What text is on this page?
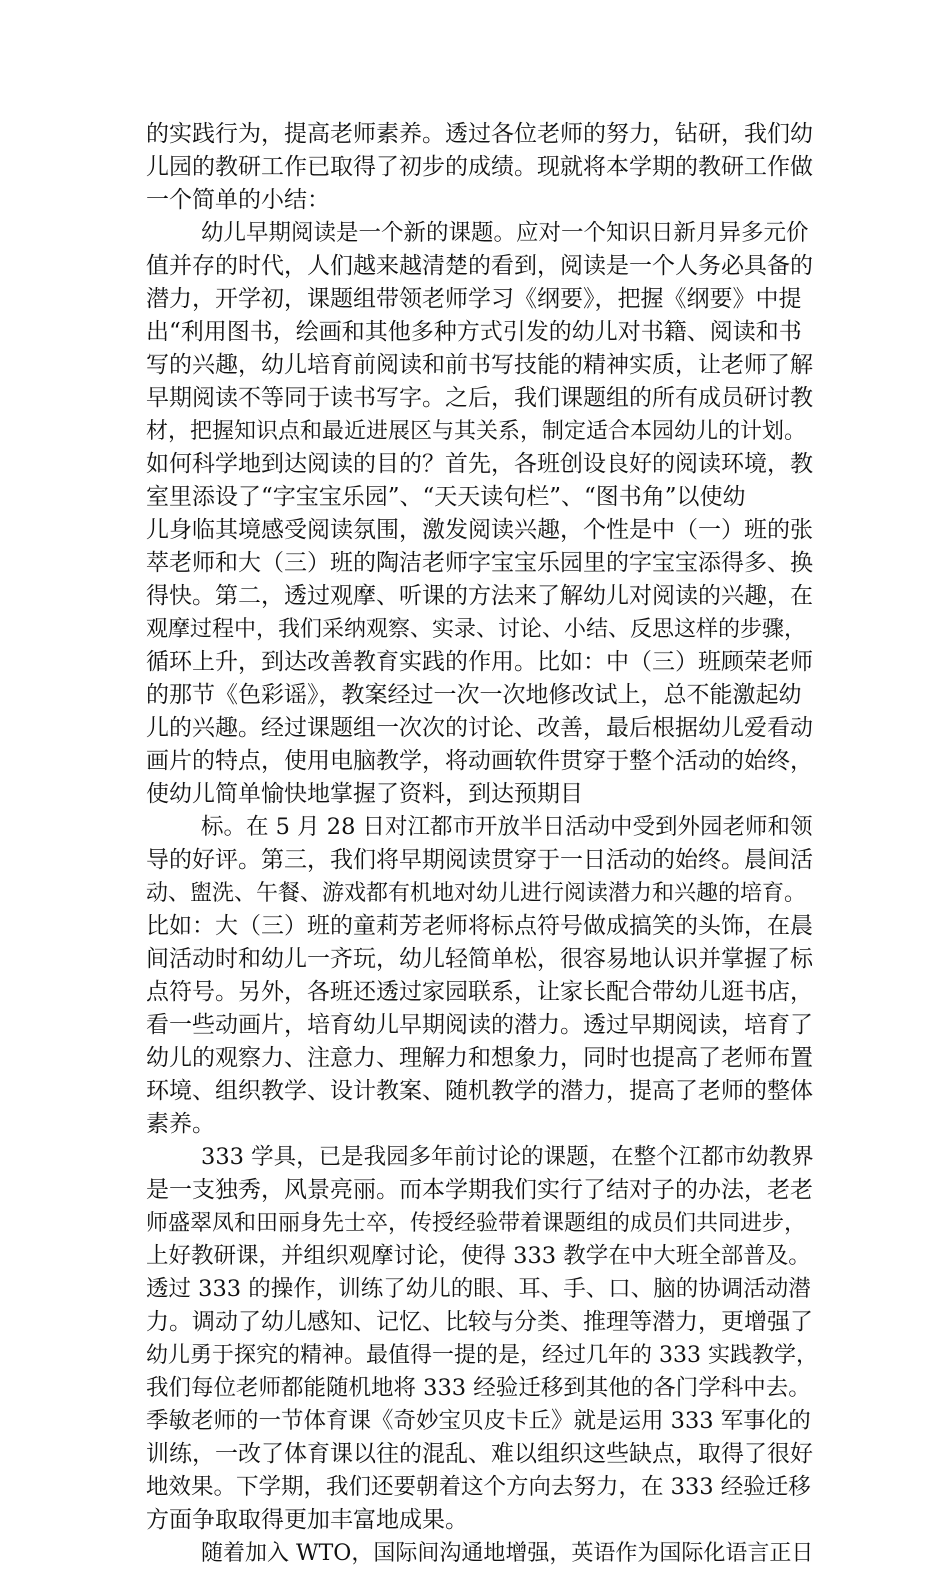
的实践行为，提高老师素养。透过各位老师的努力，钻研，我们幼
儿园的教研工作已取得了初步的成绩。现就将本学期的教研工作做
一个简单的小结：
幼儿早期阅读是一个新的课题。应对一个知识日新月异多元价
值并存的时代，人们越来越清楚的看到，阅读是一个人务必具备的
潜力，开学初，课题组带领老师学习《纲要》，把握《纲要》中提
出“利用图书，绘画和其他多种方式引发的幼儿对书籍、阅读和书
写的兴趣，幼儿培育前阅读和前书写技能的精神实质，让老师了解
早期阅读不等同于读书写字。之后，我们课题组的所有成员研讨教
材，把握知识点和最近进展区与其关系，制定适合本园幼儿的计划。
如何科学地到达阅读的目的？首先，各班创设良好的阅读环境，教
室里添设了“字宝宝乐园”、“天天读句栏”、“图书角”以使幼
儿身临其境感受阅读氛围，激发阅读兴趣，个性是中（一）班的张
萃老师和大（三）班的陶洁老师字宝宝乐园里的字宝宝添得多、换
得快。第二，透过观摩、听课的方法来了解幼儿对阅读的兴趣，在
观摩过程中，我们采纳观察、实录、讨论、小结、反思这样的步骤，
循环上升，到达改善教育实践的作用。比如：中（三）班顾荣老师
的那节《色彩谣》，教案经过一次一次地修改试上，总不能激起幼
儿的兴趣。经过课题组一次次的讨论、改善，最后根据幼儿爱看动
画片的特点，使用电脑教学，将动画软件贯穿于整个活动的始终，
使幼儿简单愉快地掌握了资料，到达预期目
标。在 5 月 28 日对江都市开放半日活动中受到外园老师和领
导的好评。第三，我们将早期阅读贯穿于一日活动的始终。晨间活
动、盥洗、午餐、游戏都有机地对幼儿进行阅读潜力和兴趣的培育。
比如：大（三）班的童莉芳老师将标点符号做成搞笑的头饰，在晨
间活动时和幼儿一齐玩，幼儿轻简单松，很容易地认识并掌握了标
点符号。另外，各班还透过家园联系，让家长配合带幼儿逛书店，
看一些动画片，培育幼儿早期阅读的潜力。透过早期阅读，培育了
幼儿的观察力、注意力、理解力和想象力，同时也提高了老师布置
环境、组织教学、设计教案、随机教学的潜力，提高了老师的整体
素养。
333 学具，已是我园多年前讨论的课题，在整个江都市幼教界
是一支独秀，风景亮丽。而本学期我们实行了结对子的办法，老老
师盛翠凤和田丽身先士卒，传授经验带着课题组的成员们共同进步，
上好教研课，并组织观摩讨论，使得 333 教学在中大班全部普及。
透过 333 的操作，训练了幼儿的眼、耳、手、口、脑的协调活动潜
力。调动了幼儿感知、记忆、比较与分类、推理等潜力，更增强了
幼儿勇于探究的精神。最值得一提的是，经过几年的 333 实践教学，
我们每位老师都能随机地将 333 经验迁移到其他的各门学科中去。
季敏老师的一节体育课《奇妙宝贝皮卡丘》就是运用 333 军事化的
训练，一改了体育课以往的混乱、难以组织这些缺点，取得了很好
地效果。下学期，我们还要朝着这个方向去努力，在 333 经验迁移
方面争取取得更加丰富地成果。
随着加入 WTO，国际间沟通地增强，英语作为国际化语言正日
